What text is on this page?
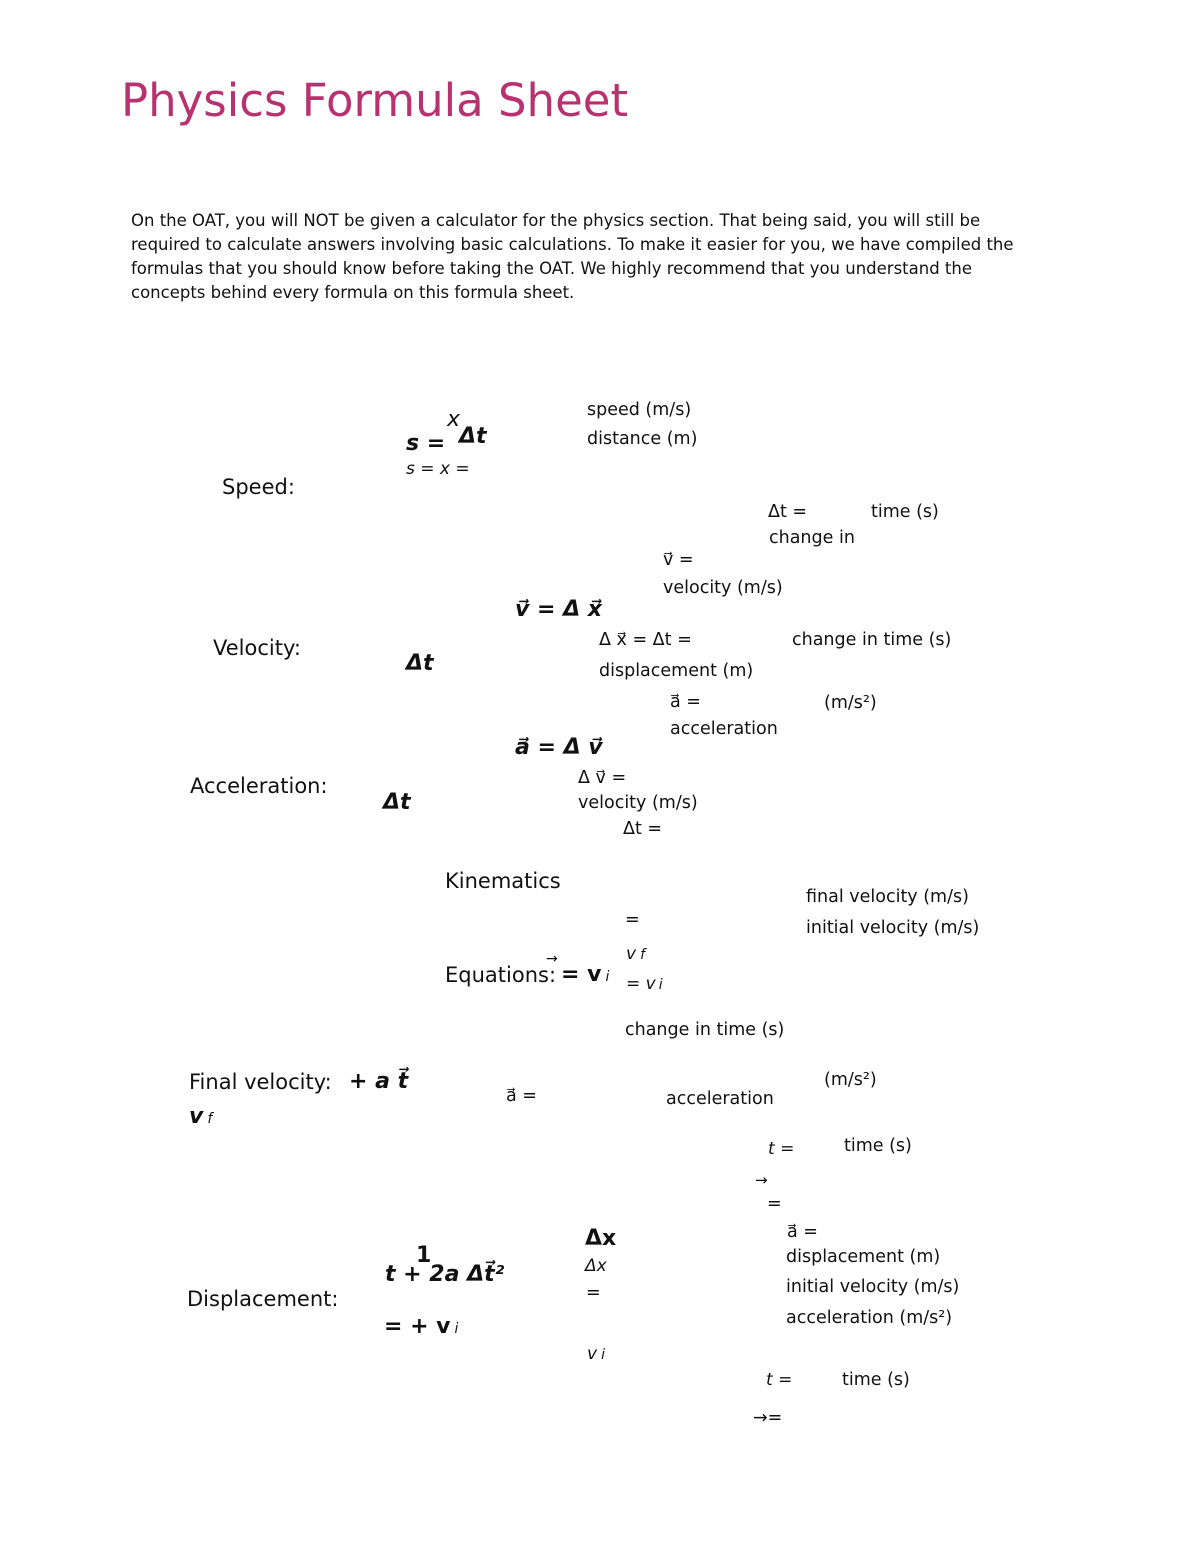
Physics Formula Sheet
On the OAT, you will NOT be given a calculator for the physics section. That being said, you will still be required to calculate answers involving basic calculations. To make it easier for you, we have compiled the formulas that you should know before taking the OAT. We highly recommend that you understand the concepts behind every formula on this formula sheet.
Speed:
s =
x
Δt
s = x =
speed (m/s)
distance (m)
Δt =	time (s)
change in
v⃗ =
velocity (m/s)
v⃗ = Δ x⃗
Velocity:
Δt
Δ x⃗ = Δt =	change in time (s)
displacement (m)
a⃗ =	(m/s²)
acceleration
a⃗ = Δ v⃗
Δ v⃗ =
Acceleration:
Δt	velocity (m/s)
Δt =
Kinematics
final velocity (m/s)
=	initial velocity (m/s)
v f
Equations:
→
= v i = v i
change in time (s)
Final velocity: + a t⃗
vf
a⃗ =	acceleration
(m/s²)
t =	time (s)
→
=
a⃗ =
Δx
1	displacement (m)
t + 2a Δt⃗²	Δx
initial velocity (m/s)
Displacement:	=
acceleration (m/s²)
= + v i
v i
t =	time (s)
→=
